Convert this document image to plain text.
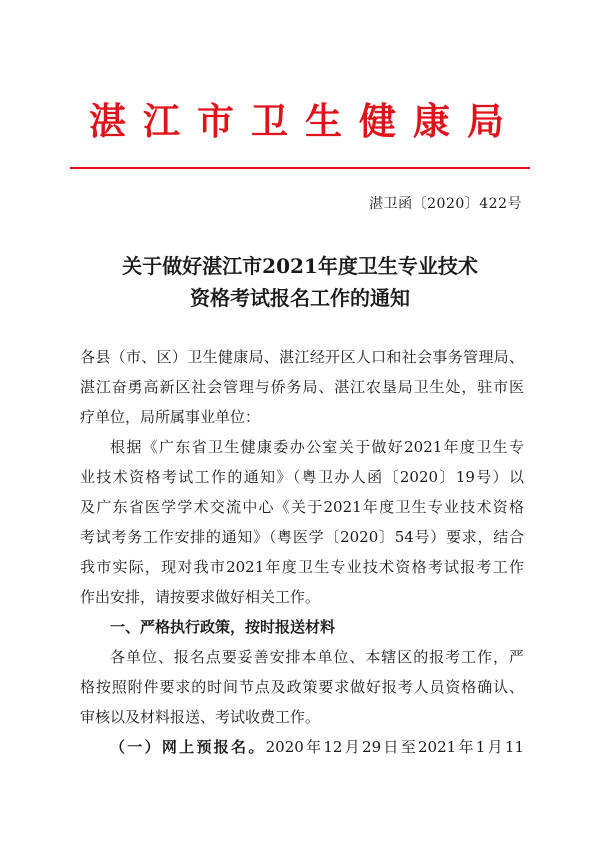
湛江市卫生健康局
湛卫函〔2020〕422号
关于做好湛江市2021年度卫生专业技术
资格考试报名工作的通知
各县（市、区）卫生健康局、湛江经开区人口和社会事务管理局、
湛江奋勇高新区社会管理与侨务局、湛江农垦局卫生处，驻市医
疗单位，局所属事业单位：
根据《广东省卫生健康委办公室关于做好2021年度卫生专
业技术资格考试工作的通知》（粤卫办人函〔2020〕19号）以
及广东省医学学术交流中心《关于2021年度卫生专业技术资格
考试考务工作安排的通知》（粤医学〔2020〕54号）要求，结合
我市实际，现对我市2021年度卫生专业技术资格考试报考工作
作出安排，请按要求做好相关工作。
一、严格执行政策，按时报送材料
各单位、报名点要妥善安排本单位、本辖区的报考工作，严
格按照附件要求的时间节点及政策要求做好报考人员资格确认、
审核以及材料报送、考试收费工作。
（一）网上预报名。2020年12月29日至2021年1月11
